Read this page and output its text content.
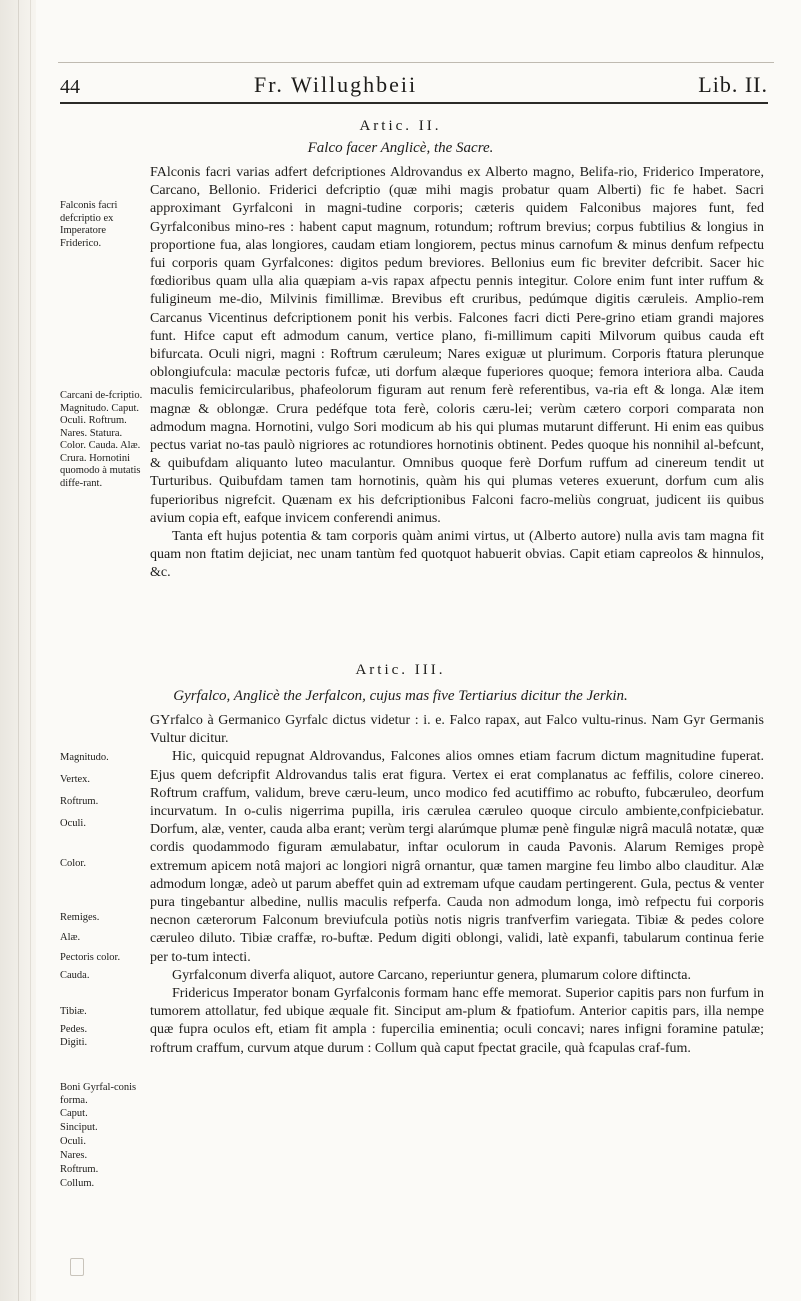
44	Fr. Willughbeii	Lib. II.
Artic. II.
Falco facer Anglicè, the Sacre.

FAlconis facri varias adfert defcriptiones Aldrovandus ex Alberto magno, Belifa-rio, Friderico Imperatore, Carcano, Bellonio. Friderici defcriptio (quæ mihi magis probatur quam Alberti) fic fe habet. Sacri approximant Gyrfalconi in magni-tudine corporis; cæteris quidem Falconibus majores funt, fed Gyrfalconibus mino-res : habent caput magnum, rotundum; roftrum brevius; corpus fubtilius & longius in proportione fua, alas longiores, caudam etiam longiorem, pectus minus carnofum & minus denfum refpectu fui corporis quam Gyrfalcones: digitos pedum breviores. Bellonius eum fic breviter defcribit. Sacer hic fœdioribus quam ulla alia quæpiam a-vis rapax afpectu pennis integitur. Colore enim funt inter ruffum & fuligineum me-dio, Milvinis fimillimæ. Brevibus eft cruribus, pedúmque digitis cæruleis. Amplio-rem Carcanus Vicentinus defcriptionem ponit his verbis. Falcones facri dicti Pere-grino etiam grandi majores funt. Hifce caput eft admodum canum, vertice plano, fi-millimum capiti Milvorum quibus cauda eft bifurcata. Oculi nigri, magni : Roftrum cæruleum; Nares exiguæ ut plurimum. Corporis ftatura plerunque oblongiufcula: maculæ pectoris fufcæ, uti dorfum alæque fuperiores quoque; femora interiora alba. Cauda maculis femicircularibus, phafeolorum figuram aut renum ferè referentibus, va-ria eft & longa. Alæ item magnæ & oblongæ. Crura pedéfque tota ferè, coloris cæru-lei; verùm cætero corpori comparata non admodum magna. Hornotini, vulgo Sori modicum ab his qui plumas mutarunt differunt. Hi enim eas quibus pectus variat no-tas paulò nigriores ac rotundiores hornotinis obtinent. Pedes quoque his nonnihil al-befcunt, & quibufdam aliquanto luteo maculantur. Omnibus quoque ferè Dorfum ruffum ad cinereum tendit ut Turturibus. Quibufdam tamen tam hornotinis, quàm his qui plumas veteres exuerunt, dorfum cum alis fuperioribus nigrefcit. Quænam ex his defcriptionibus Falconi facro-meliùs congruat, judicent iis quibus avium copia eft, eafque invicem conferendi animus.

Tanta eft hujus potentia & tam corporis quàm animi virtus, ut (Alberto autore) nulla avis tam magna fit quam non ftatim dejiciat, nec unam tantùm fed quotquot habuerit obvias. Capit etiam capreolos & hinnulos, &c.

Falconis facri defcriptio ex Imperatore Friderico.
Carcani de-fcriptio. Magnitudo. Caput. Oculi. Roftrum. Nares. Statura. Color. Cauda. Alæ. Crura. Hornotini quomodo à mutatis diffe-rant.
Artic. III.
Gyrfalco, Anglicè the Jerfalcon, cujus mas five Tertiarius dicitur the Jerkin.

GYrfalco à Germanico Gyrfalc dictus videtur : i. e. Falco rapax, aut Falco vultu-rinus. Nam Gyr Germanis Vultur dicitur.

Hic, quicquid repugnat Aldrovandus, Falcones alios omnes etiam facrum dictum magnitudine fuperat. Ejus quem defcripfit Aldrovandus talis erat figura. Vertex ei erat complanatus ac feffilis, colore cinereo. Roftrum craffum, validum, breve cæru-leum, unco modico fed acutiffimo ac robufto, fubcæruleo, deorfum incurvatum. In o-culis nigerrima pupilla, iris cærulea cæruleo quoque circulo ambiente,confpiciebatur. Dorfum, alæ, venter, cauda alba erant; verùm tergi alarúmque plumæ penè fingulæ nigrâ maculâ notatæ, quæ cordis quodammodo figuram æmulabatur, inftar oculorum in cauda Pavonis. Alarum Remiges propè extremum apicem notâ majori ac longiori nigrâ ornantur, quæ tamen margine feu limbo albo clauditur. Alæ admodum longæ, adeò ut parum abeffet quin ad extremam ufque caudam pertingerent. Gula, pectus & venter pura tingebantur albedine, nullis maculis refperfa. Cauda non admodum longa, imò refpectu fui corporis necnon cæterorum Falconum breviufcula potiùs notis nigris tranfverfim variegata. Tibiæ & pedes colore cæruleo diluto. Tibiæ craffæ, ro-buftæ. Pedum digiti oblongi, validi, latè expanfi, tabularum continua ferie per to-tum intecti.

Gyrfalconum diverfa aliquot, autore Carcano, reperiuntur genera, plumarum colore diftincta.

Fridericus Imperator bonam Gyrfalconis formam hanc effe memorat. Superior capitis pars non furfum in tumorem attollatur, fed ubique æquale fit. Sinciput am-plum & fpatiofum. Anterior capitis pars, illa nempe quæ fupra oculos eft, etiam fit ampla : fupercilia eminentia; oculi concavi; nares infigni foramine patulæ; roftrum craffum, curvum atque durum : Collum quà caput fpectat gracile, quà fcapulas craf-fum.

Magnitudo.
Vertex.
Roftrum.
Oculi.
Color.
Remiges.
Alæ.
Pectoris color.
Cauda.
Tibiæ.
Pedes.
Digiti.
Boni Gyrfal-conis forma.
Caput.
Sinciput.
Oculi.
Nares.
Roftrum.
Collum.
